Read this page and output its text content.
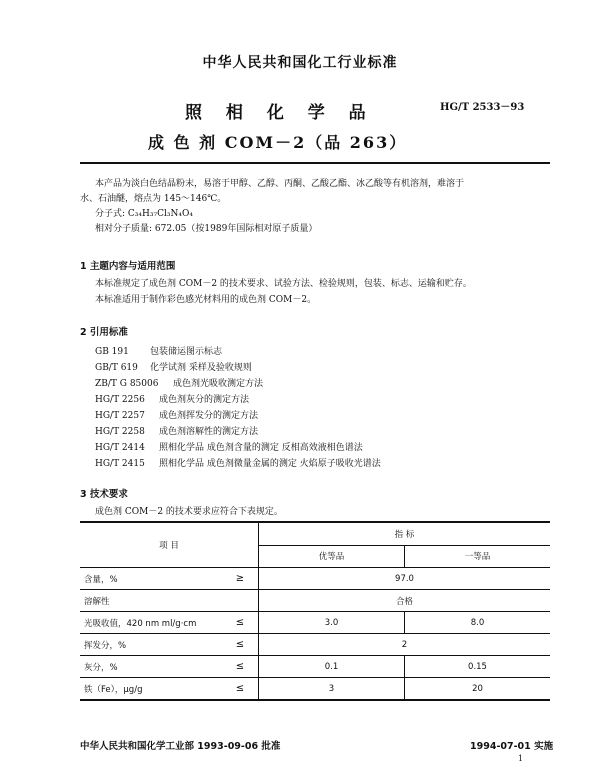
中华人民共和国化工行业标准
照 相 化 学 品	HG/T 2533－93
成 色 剂 COM－2（品 263）
本产品为淡白色结晶粉末，易溶于甲醇、乙醇、丙酮、乙酸乙酯、冰乙酸等有机溶剂，难溶于
水、石油醚，熔点为 145～146℃。
分子式: C₃₄H₃₇Cl₃N₄O₄
相对分子质量: 672.05（按1989年国际相对原子质量）
1 主题内容与适用范围
本标准规定了成色剂 COM－2 的技术要求、试验方法、检验规则，包装、标志、运输和贮存。
本标准适用于制作彩色感光材料用的成色剂 COM－2。
2 引用标准
GB 191 包装储运图示标志
GB/T 619 化学试剂 采样及验收规则
ZB/T G 85006 成色剂光吸收测定方法
HG/T 2256 成色剂灰分的测定方法
HG/T 2257 成色剂挥发分的测定方法
HG/T 2258 成色剂溶解性的测定方法
HG/T 2414 照相化学品 成色剂含量的测定 反相高效液相色谱法
HG/T 2415 照相化学品 成色剂微量金属的测定 火焰原子吸收光谱法
3 技术要求
成色剂 COM－2 的技术要求应符合下表规定。
项 目		指 标	
		优等品	一等品
含量，%	≥	97.0	
溶解性		合格	
光吸收值，420 nm ml/g·cm	≤	3.0	8.0
挥发分，%	≤	2	
灰分，%	≤	0.1	0.15
铁（Fe），μg/g	≤	3	20
中华人民共和国化学工业部 1993-09-06 批准	1994-07-01 实施
1
